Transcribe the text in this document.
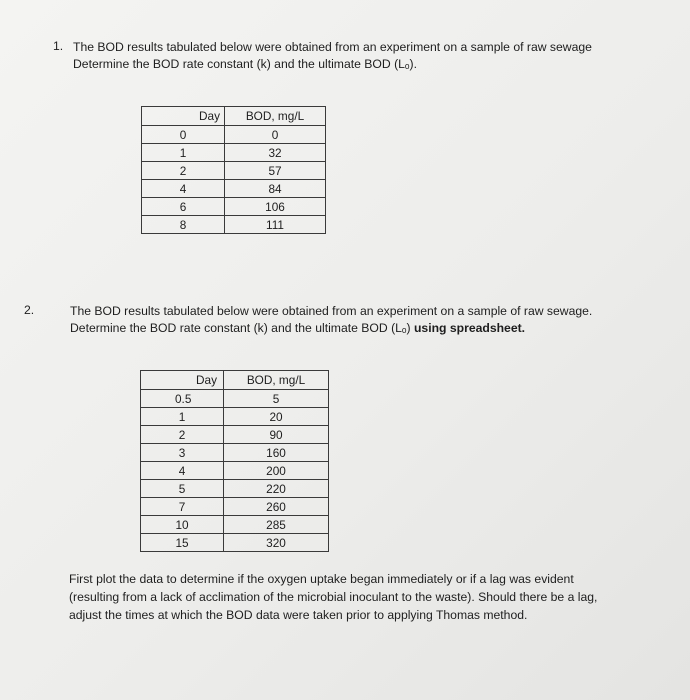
1. The BOD results tabulated below were obtained from an experiment on a sample of raw sewage
Determine the BOD rate constant (k) and the ultimate BOD (Lₒ).
Day	BOD, mg/L
0	0
1	32
2	57
4	84
6	106
8	111
2.	The BOD results tabulated below were obtained from an experiment on a sample of raw sewage.
Determine the BOD rate constant (k) and the ultimate BOD (Lₒ) using spreadsheet.
Day	BOD, mg/L
0.5	5
1	20
2	90
3	160
4	200
5	220
7	260
10	285
15	320
First plot the data to determine if the oxygen uptake began immediately or if a lag was evident
(resulting from a lack of acclimation of the microbial inoculant to the waste). Should there be a lag,
adjust the times at which the BOD data were taken prior to applying Thomas method.
